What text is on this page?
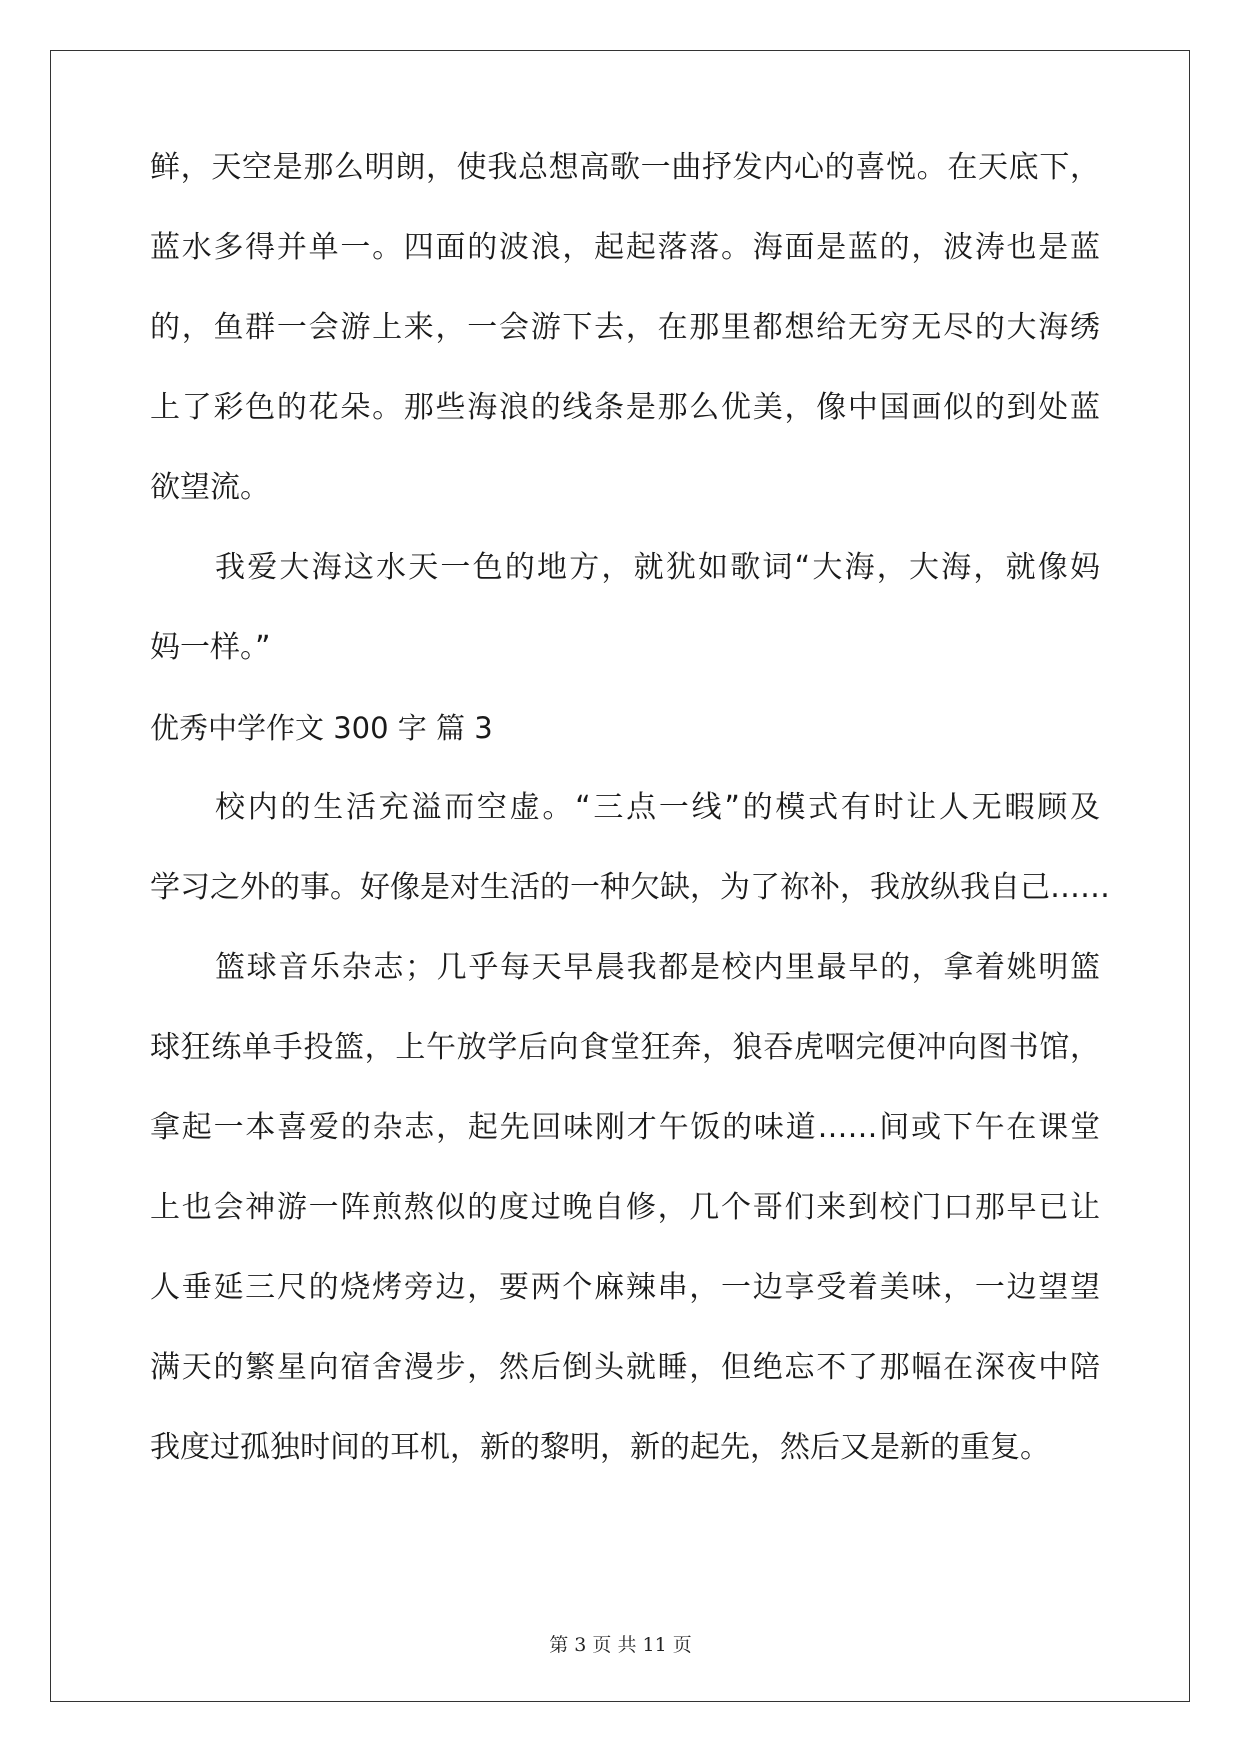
鲜，天空是那么明朗，使我总想高歌一曲抒发内心的喜悦。在天底下，
蓝水多得并单一。四面的波浪，起起落落。海面是蓝的，波涛也是蓝
的，鱼群一会游上来，一会游下去，在那里都想给无穷无尽的大海绣
上了彩色的花朵。那些海浪的线条是那么优美，像中国画似的到处蓝
欲望流。
我爱大海这水天一色的地方，就犹如歌词“大海，大海，就像妈
妈一样。”
优秀中学作文 300 字 篇 3
校内的生活充溢而空虚。“三点一线”的模式有时让人无暇顾及
学习之外的事。好像是对生活的一种欠缺，为了祢补，我放纵我自己……
篮球音乐杂志；几乎每天早晨我都是校内里最早的，拿着姚明篮
球狂练单手投篮，上午放学后向食堂狂奔，狼吞虎咽完便冲向图书馆，
拿起一本喜爱的杂志，起先回味刚才午饭的味道……间或下午在课堂
上也会神游一阵煎熬似的度过晚自修，几个哥们来到校门口那早已让
人垂延三尺的烧烤旁边，要两个麻辣串，一边享受着美味，一边望望
满天的繁星向宿舍漫步，然后倒头就睡，但绝忘不了那幅在深夜中陪
我度过孤独时间的耳机，新的黎明，新的起先，然后又是新的重复。
第 3 页 共 11 页
